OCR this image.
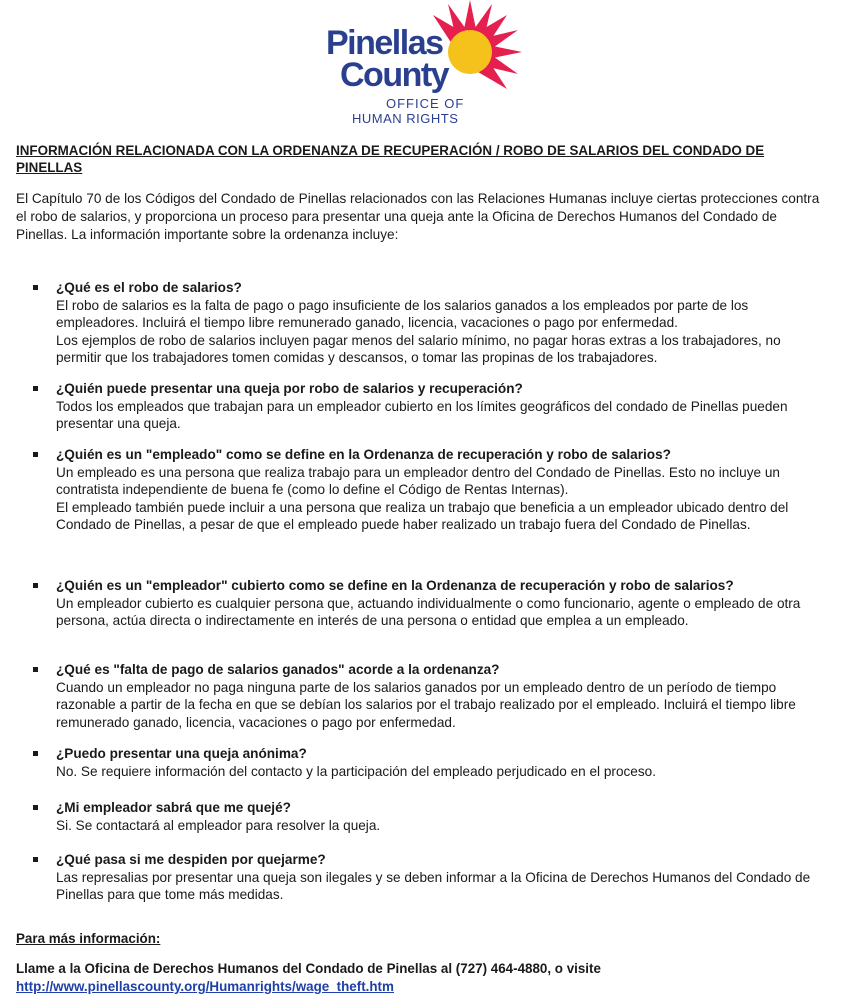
Pinellas
County
OFFICE OF
HUMAN RIGHTS
INFORMACIÓN RELACIONADA CON LA ORDENANZA DE RECUPERACIÓN / ROBO DE SALARIOS DEL CONDADO DE PINELLAS
El Capítulo 70 de los Códigos del Condado de Pinellas relacionados con las Relaciones Humanas incluye ciertas protecciones contra el robo de salarios, y proporciona un proceso para presentar una queja ante la Oficina de Derechos Humanos del Condado de Pinellas. La información importante sobre la ordenanza incluye:
¿Qué es el robo de salarios?
El robo de salarios es la falta de pago o pago insuficiente de los salarios ganados a los empleados por parte de los empleadores. Incluirá el tiempo libre remunerado ganado, licencia, vacaciones o pago por enfermedad.
Los ejemplos de robo de salarios incluyen pagar menos del salario mínimo, no pagar horas extras a los trabajadores, no permitir que los trabajadores tomen comidas y descansos, o tomar las propinas de los trabajadores.
¿Quién puede presentar una queja por robo de salarios y recuperación?
Todos los empleados que trabajan para un empleador cubierto en los límites geográficos del condado de Pinellas pueden presentar una queja.
¿Quién es un "empleado" como se define en la Ordenanza de recuperación y robo de salarios?
Un empleado es una persona que realiza trabajo para un empleador dentro del Condado de Pinellas. Esto no incluye un contratista independiente de buena fe (como lo define el Código de Rentas Internas).
El empleado también puede incluir a una persona que realiza un trabajo que beneficia a un empleador ubicado dentro del Condado de Pinellas, a pesar de que el empleado puede haber realizado un trabajo fuera del Condado de Pinellas.
¿Quién es un "empleador" cubierto como se define en la Ordenanza de recuperación y robo de salarios?
Un empleador cubierto es cualquier persona que, actuando individualmente o como funcionario, agente o empleado de otra persona, actúa directa o indirectamente en interés de una persona o entidad que emplea a un empleado.
¿Qué es "falta de pago de salarios ganados" acorde a la ordenanza?
Cuando un empleador no paga ninguna parte de los salarios ganados por un empleado dentro de un período de tiempo razonable a partir de la fecha en que se debían los salarios por el trabajo realizado por el empleado. Incluirá el tiempo libre remunerado ganado, licencia, vacaciones o pago por enfermedad.
¿Puedo presentar una queja anónima?
No. Se requiere información del contacto y la participación del empleado perjudicado en el proceso.
¿Mi empleador sabrá que me quejé?
Si. Se contactará al empleador para resolver la queja.
¿Qué pasa si me despiden por quejarme?
Las represalias por presentar una queja son ilegales y se deben informar a la Oficina de Derechos Humanos del Condado de Pinellas para que tome más medidas.
Para más información:
Llame a la Oficina de Derechos Humanos del Condado de Pinellas al (727) 464-4880, o visite
http://www.pinellascounty.org/Humanrights/wage_theft.htm
